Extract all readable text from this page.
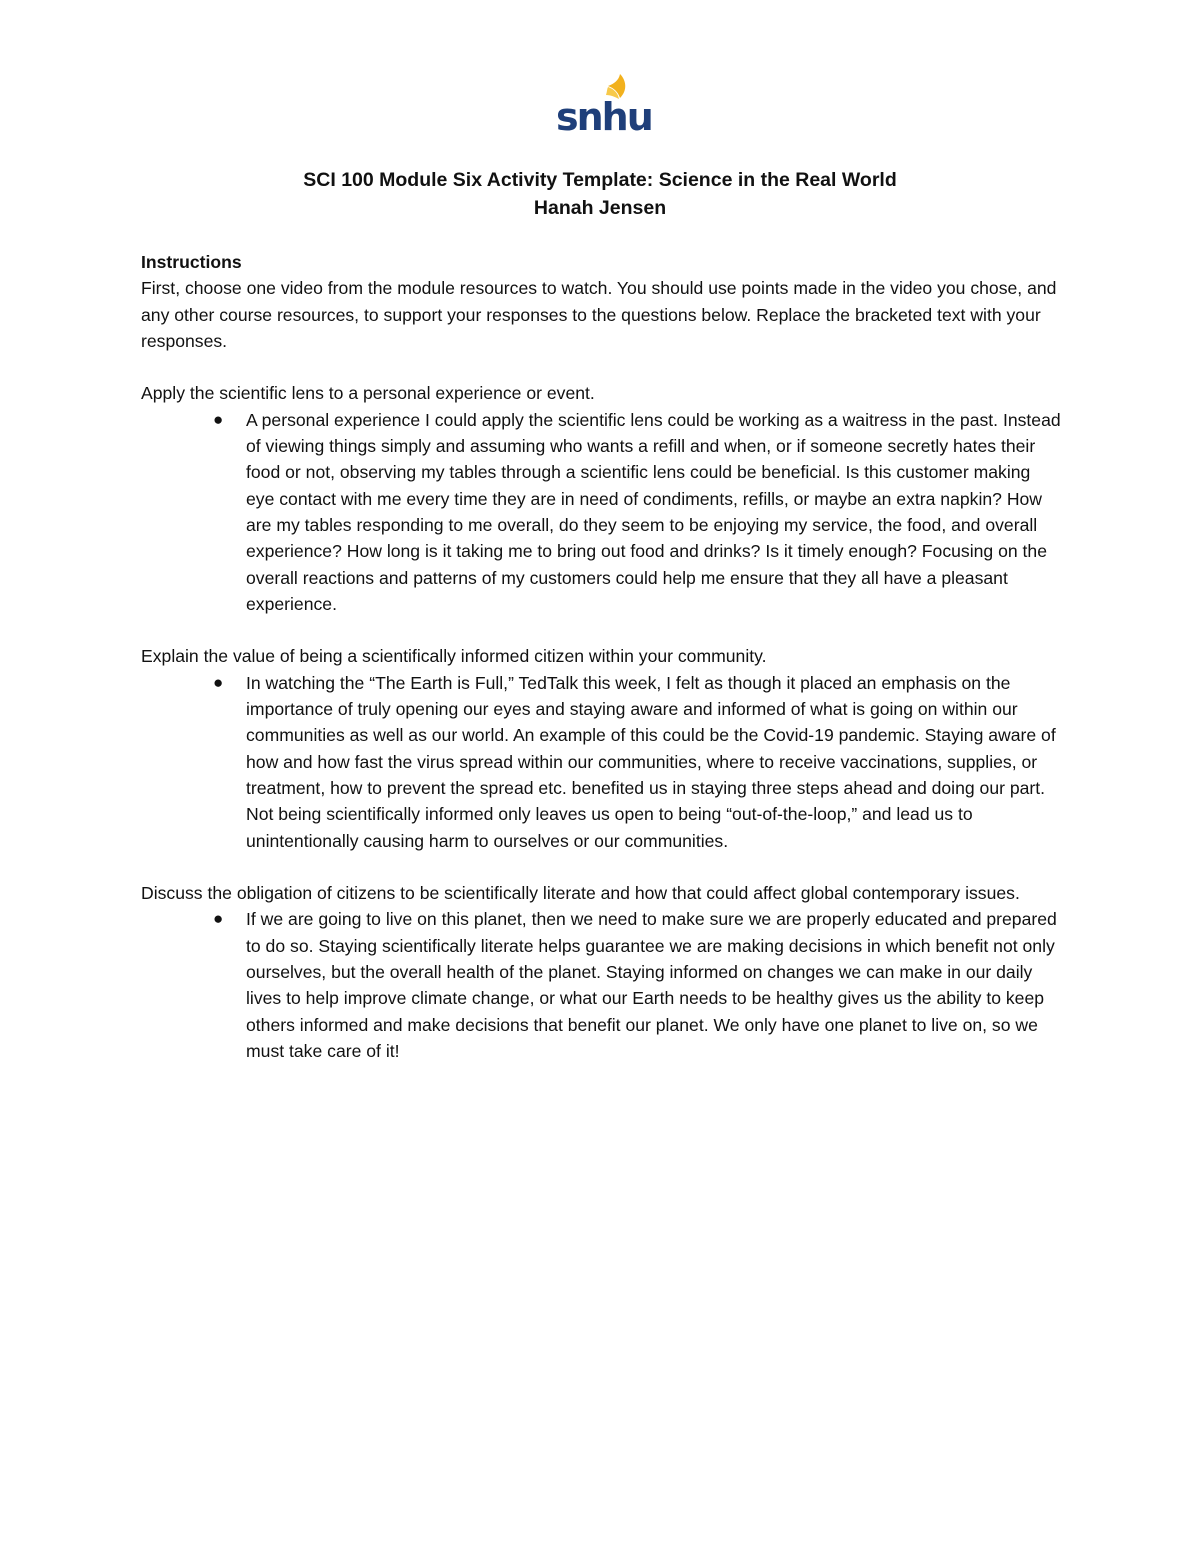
snhu

SCI 100 Module Six Activity Template: Science in the Real World

Hanah Jensen

Instructions

First, choose one video from the module resources to watch. You should use points made in the video you chose, and any other course resources, to support your responses to the questions below. Replace the bracketed text with your responses.

Apply the scientific lens to a personal experience or event.

● A personal experience I could apply the scientific lens could be working as a waitress in the past. Instead of viewing things simply and assuming who wants a refill and when, or if someone secretly hates their food or not, observing my tables through a scientific lens could be beneficial. Is this customer making eye contact with me every time they are in need of condiments, refills, or maybe an extra napkin? How are my tables responding to me overall, do they seem to be enjoying my service, the food, and overall experience? How long is it taking me to bring out food and drinks? Is it timely enough? Focusing on the overall reactions and patterns of my customers could help me ensure that they all have a pleasant experience.

Explain the value of being a scientifically informed citizen within your community.

● In watching the “The Earth is Full,” TedTalk this week, I felt as though it placed an emphasis on the importance of truly opening our eyes and staying aware and informed of what is going on within our communities as well as our world. An example of this could be the Covid-19 pandemic. Staying aware of how and how fast the virus spread within our communities, where to receive vaccinations, supplies, or treatment, how to prevent the spread etc. benefited us in staying three steps ahead and doing our part. Not being scientifically informed only leaves us open to being “out-of-the-loop,” and lead us to unintentionally causing harm to ourselves or our communities.

Discuss the obligation of citizens to be scientifically literate and how that could affect global contemporary issues.

● If we are going to live on this planet, then we need to make sure we are properly educated and prepared to do so. Staying scientifically literate helps guarantee we are making decisions in which benefit not only ourselves, but the overall health of the planet. Staying informed on changes we can make in our daily lives to help improve climate change, or what our Earth needs to be healthy gives us the ability to keep others informed and make decisions that benefit our planet. We only have one planet to live on, so we must take care of it!
